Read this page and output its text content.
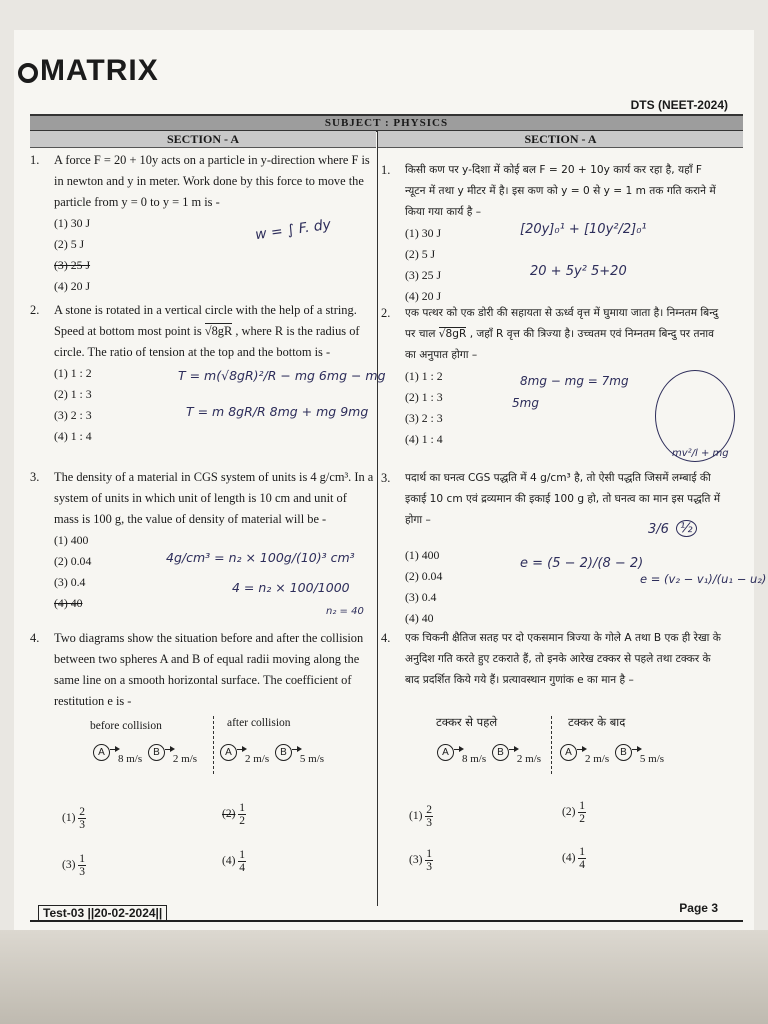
MATRIX
DTS (NEET-2024)
SUBJECT : PHYSICS
SECTION - A	SECTION - A
1. A force F = 20 + 10y acts on a particle in y-direction where F is in newton and y in meter. Work done by this force to move the particle from y = 0 to y = 1 m is -
(1) 30 J
(2) 5 J
(3) 25 J
(4) 20 J
2. A stone is rotated in a vertical circle with the help of a string. Speed at bottom most point is √8gR , where R is the radius of circle. The ratio of tension at the top and the bottom is -
(1) 1 : 2
(2) 1 : 3
(3) 2 : 3
(4) 1 : 4
3. The density of a material in CGS system of units is 4 g/cm³. In a system of units in which unit of length is 10 cm and unit of mass is 100 g, the value of density of material will be -
(1) 400
(2) 0.04
(3) 0.4
(4) 40
4. Two diagrams show the situation before and after the collision between two spheres A and B of equal radii moving along the same line on a smooth horizontal surface. The coefficient of restitution e is -
before collision	after collision
A8 m/s  B2 m/s
A2 m/s  B5 m/s
$(1) \frac{2}{3}$	$(2) \frac{1}{2}$
$(3) \frac{1}{3}$	$(4) \frac{1}{4}$
1. किसी कण पर y-दिशा में कोई बल F = 20 + 10y कार्य कर रहा है, यहाँ F न्यूटन में तथा y मीटर में है। इस कण को y = 0 से y = 1 m तक गति कराने में किया गया कार्य है –
(1) 30 J
(2) 5 J
(3) 25 J
(4) 20 J
2. एक पत्थर को एक डोरी की सहायता से ऊर्ध्व वृत्त में घुमाया जाता है। निम्नतम बिन्दु पर चाल √8gR , जहाँ R वृत्त की त्रिज्या है। उच्चतम एवं निम्नतम बिन्दु पर तनाव का अनुपात होगा –
(1) 1 : 2
(2) 1 : 3
(3) 2 : 3
(4) 1 : 4
3. पदार्थ का घनत्व CGS पद्धति में 4 g/cm³ है, तो ऐसी पद्धति जिसमें लम्बाई की इकाई 10 cm एवं द्रव्यमान की इकाई 100 g हो, तो घनत्व का मान इस पद्धति में होगा –
(1) 400
(2) 0.04
(3) 0.4
(4) 40
4. एक चिकनी क्षैतिज सतह पर दो एकसमान त्रिज्या के गोले A तथा B एक ही रेखा के अनुदिश गति करते हुए टकराते हैं, तो इनके आरेख टक्कर से पहले तथा टक्कर के बाद प्रदर्शित किये गये हैं। प्रत्यावस्थान गुणांक e का मान है –
टक्कर से पहले	टक्कर के बाद
A8 m/s  B2 m/s
A2 m/s  B5 m/s
$(1) \frac{2}{3}$	$(2) \frac{1}{2}$
$(3) \frac{1}{3}$	$(4) \frac{1}{4}$
w = ∫ F. dy	[20y]₀¹ + [10y²/2]₀¹
20 + 5y² 5+20
T = m(√8gR)²/R − mg 6mg − mg
T = m 8gR/R 8mg + mg 9mg
8mg − mg = 7mg
5mg
mv²/l + mg
4g/cm³ = n₂ × 100g/(10)³ cm³
4 = n₂ × 100/1000
n₂ = 40
e = (5 − 2)/(8 − 2)
3/6 ½
e = (v₂ − v₁)/(u₁ − u₂)
Test-03 ||20-02-2024||	Page 3
